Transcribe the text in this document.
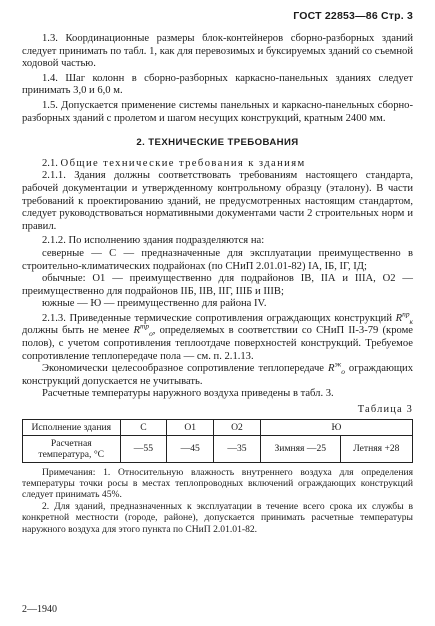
ГОСТ 22853—86 Стр. 3

1.3. Координационные размеры блок-контейнеров сборно-разборных зданий следует принимать по табл. 1, как для перевозимых и буксируемых зданий со съемной ходовой частью.

1.4. Шаг колонн в сборно-разборных каркасно-панельных зданиях следует принимать 3,0 и 6,0 м.

1.5. Допускается применение системы панельных и каркасно-панельных сборно-разборных зданий с пролетом и шагом несущих конструкций, кратным 2400 мм.

2. ТЕХНИЧЕСКИЕ ТРЕБОВАНИЯ

2.1. Общие технические требования к зданиям

2.1.1. Здания должны соответствовать требованиям настоящего стандарта, рабочей документации и утвержденному контрольному образцу (эталону). В части требований к проектированию зданий, не предусмотренных настоящим стандартом, следует руководствоваться нормативными документами части 2 строительных норм и правил.

2.1.2. По исполнению здания подразделяются на:

северные — С — предназначенные для эксплуатации преимущественно в строительно-климатических подрайонах (по СНиП 2.01.01-82) IА, IБ, IГ, IД;

обычные: О1 — преимущественно для подрайонов IВ, IIА и IIIА, О2 — преимущественно для подрайонов IIБ, IIВ, IIГ, IIIБ и IIIВ;

южные — Ю — преимущественно для района IV.

2.1.3. Приведенные термические сопротивления ограждающих конструкций $R^{пр}_к$ должны быть не менее $R^{тр}_о$, определяемых в соответствии со СНиП II-3-79 (кроме полов), с учетом сопротивления теплоотдаче поверхностей конструкций. Требуемое сопротивление теплопередаче пола — см. п. 2.1.13.

Экономически целесообразное сопротивление теплопередаче $R^{эк}_о$ ограждающих конструкций допускается не учитывать.

Расчетные температуры наружного воздуха приведены в табл. 3.

Таблица 3
Исполнение здания	С	О1	О2	Ю	
Расчетная температура, °С	—55	—45	—35	Зимняя —25	Летняя +28

Примечания: 1. Относительную влажность внутреннего воздуха для определения температуры точки росы в местах теплопроводных включений ограждающих конструкций следует принимать 45%.

2. Для зданий, предназначенных к эксплуатации в течение всего срока их службы в конкретной местности (городе, районе), допускается принимать расчетные температуры наружного воздуха для этого пункта по СНиП 2.01.01-82.

2—1940
